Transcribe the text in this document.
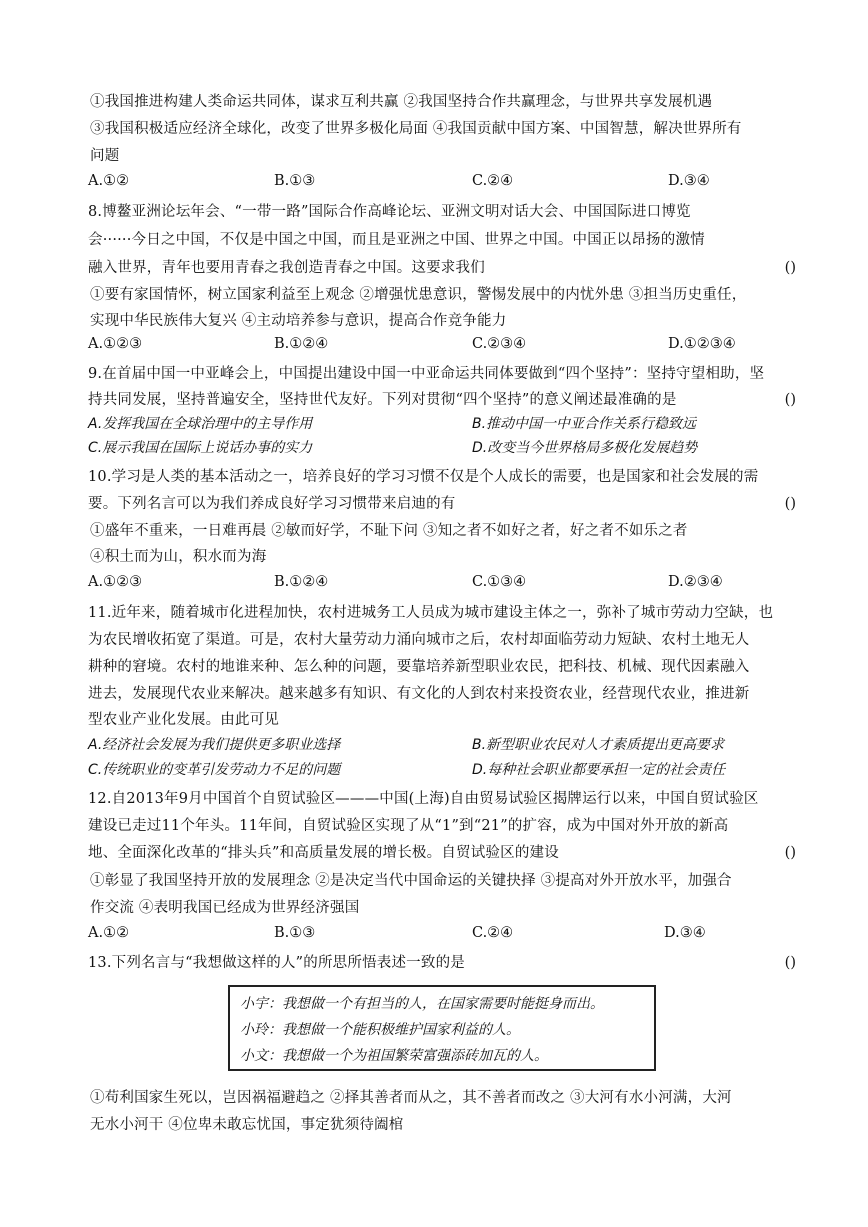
①我国推进构建人类命运共同体，谋求互利共赢 ②我国坚持合作共赢理念，与世界共享发展机遇
③我国积极适应经济全球化，改变了世界多极化局面 ④我国贡献中国方案、中国智慧，解决世界所有
问题
A.①②	B.①③	C.②④	D.③④
8.博鳌亚洲论坛年会、“一带一路”国际合作高峰论坛、亚洲文明对话大会、中国国际进口博览
会······今日之中国，不仅是中国之中国，而且是亚洲之中国、世界之中国。中国正以昂扬的激情
融入世界，青年也要用青春之我创造青春之中国。这要求我们	()
①要有家国情怀，树立国家利益至上观念 ②增强忧患意识，警惕发展中的内忧外患 ③担当历史重任，
实现中华民族伟大复兴 ④主动培养参与意识，提高合作竞争能力
A.①②③	B.①②④	C.②③④	D.①②③④
9.在首届中国一中亚峰会上，中国提出建设中国一中亚命运共同体要做到“四个坚持”：坚持守望相助，坚
持共同发展，坚持普遍安全，坚持世代友好。下列对贯彻“四个坚持”的意义阐述最准确的是	()
A.发挥我国在全球治理中的主导作用	B.推动中国一中亚合作关系行稳致远
C.展示我国在国际上说话办事的实力	D.改变当今世界格局多极化发展趋势
10.学习是人类的基本活动之一，培养良好的学习习惯不仅是个人成长的需要，也是国家和社会发展的需
要。下列名言可以为我们养成良好学习习惯带来启迪的有	()
①盛年不重来，一日难再晨 ②敏而好学，不耻下问 ③知之者不如好之者，好之者不如乐之者
④积土而为山，积水而为海
A.①②③	B.①②④	C.①③④	D.②③④
11.近年来，随着城市化进程加快，农村进城务工人员成为城市建设主体之一，弥补了城市劳动力空缺，也
为农民增收拓宽了渠道。可是，农村大量劳动力涌向城市之后，农村却面临劳动力短缺、农村土地无人
耕种的窘境。农村的地谁来种、怎么种的问题，要靠培养新型职业农民，把科技、机械、现代因素融入
进去，发展现代农业来解决。越来越多有知识、有文化的人到农村来投资农业，经营现代农业，推进新
型农业产业化发展。由此可见
A.经济社会发展为我们提供更多职业选择	B.新型职业农民对人才素质提出更高要求
C.传统职业的变革引发劳动力不足的问题	D.每种社会职业都要承担一定的社会责任
12.自2013年9月中国首个自贸试验区———中国(上海)自由贸易试验区揭牌运行以来，中国自贸试验区
建设已走过11个年头。11年间，自贸试验区实现了从“1”到“21”的扩容，成为中国对外开放的新高
地、全面深化改革的“排头兵”和高质量发展的增长极。自贸试验区的建设	()
①彰显了我国坚持开放的发展理念 ②是决定当代中国命运的关键抉择 ③提高对外开放水平，加强合
作交流 ④表明我国已经成为世界经济强国
A.①②	B.①③	C.②④	D.③④
13.下列名言与“我想做这样的人”的所思所悟表述一致的是	()
小宇：我想做一个有担当的人，在国家需要时能挺身而出。
小玲：我想做一个能积极维护国家利益的人。
小文：我想做一个为祖国繁荣富强添砖加瓦的人。
①苟利国家生死以，岂因祸福避趋之 ②择其善者而从之，其不善者而改之 ③大河有水小河满，大河
无水小河干 ④位卑未敢忘忧国，事定犹须待阖棺
